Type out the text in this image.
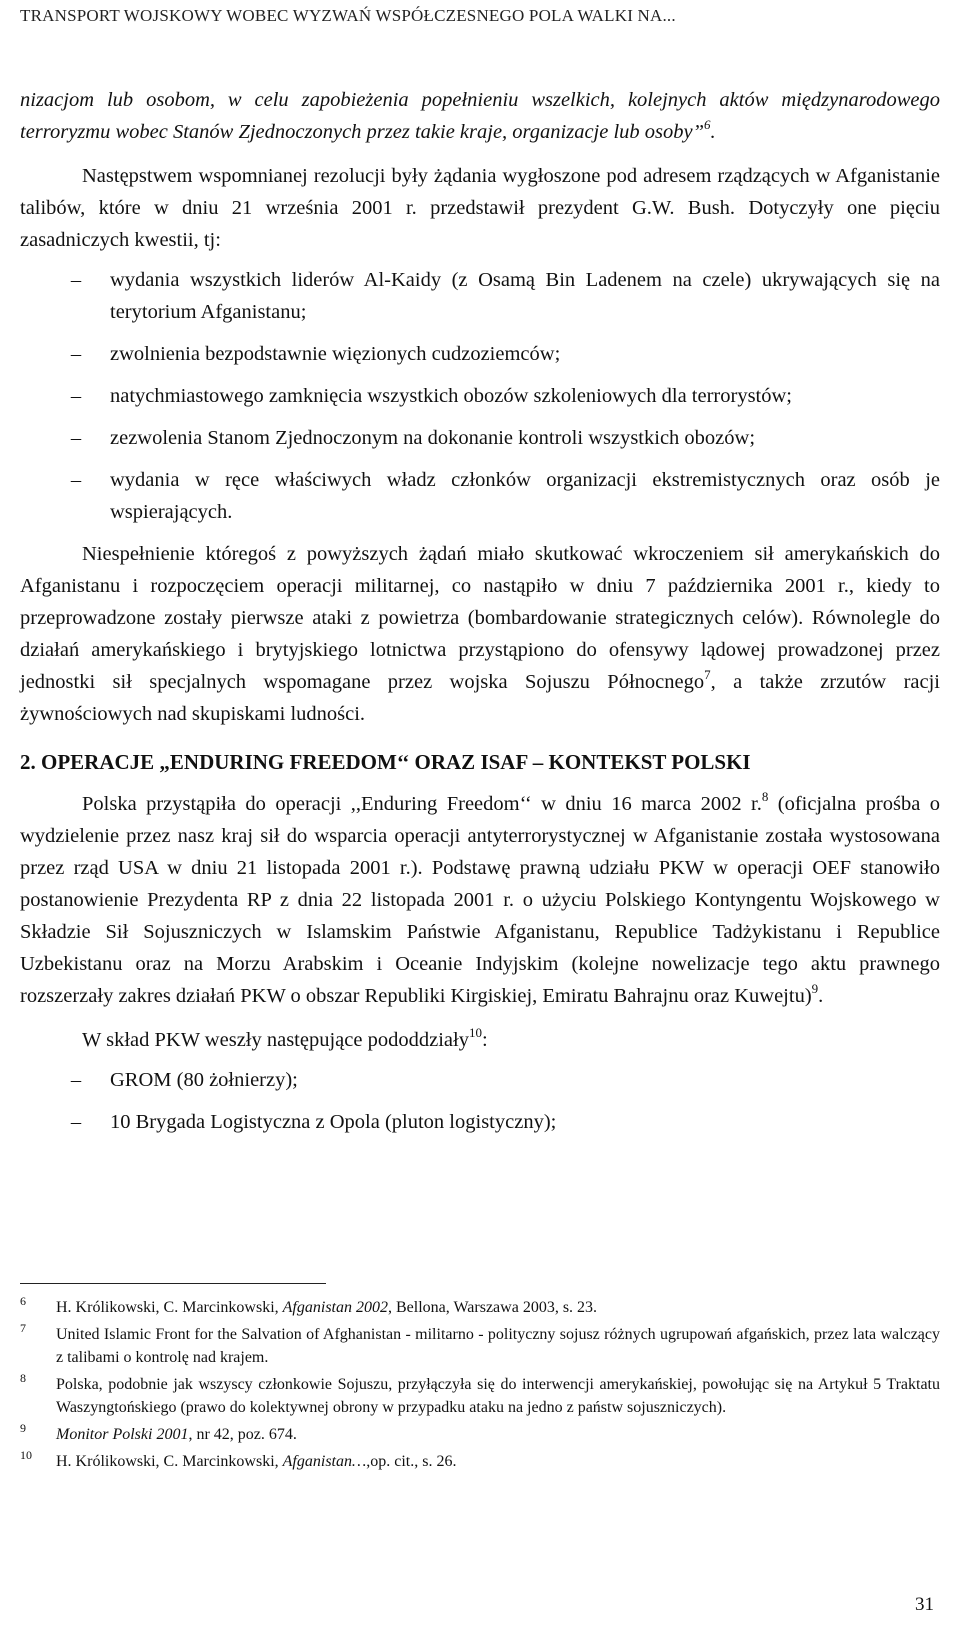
TRANSPORT WOJSKOWY WOBEC WYZWAŃ WSPÓŁCZESNEGO POLA WALKI NA...

nizacjom lub osobom, w celu zapobieżenia popełnieniu wszelkich, kolejnych aktów międzynarodowego terroryzmu wobec Stanów Zjednoczonych przez takie kraje, organizacje lub osoby”$^6$.

Następstwem wspomnianej rezolucji były żądania wygłoszone pod adresem rządzących w Afganistanie talibów, które w dniu 21 września 2001 r. przedstawił prezydent G.W. Bush. Dotyczyły one pięciu zasadniczych kwestii, tj:

–	wydania wszystkich liderów Al-Kaidy (z Osamą Bin Ladenem na czele) ukrywających się na terytorium Afganistanu;
–	zwolnienia bezpodstawnie więzionych cudzoziemców;
–	natychmiastowego zamknięcia wszystkich obozów szkoleniowych dla terrorystów;
–	zezwolenia Stanom Zjednoczonym na dokonanie kontroli wszystkich obozów;
–	wydania w ręce właściwych władz członków organizacji ekstremistycznych oraz osób je wspierających.

Niespełnienie któregoś z powyższych żądań miało skutkować wkroczeniem sił amerykańskich do Afganistanu i rozpoczęciem operacji militarnej, co nastąpiło w dniu 7 października 2001 r., kiedy to przeprowadzone zostały pierwsze ataki z powietrza (bombardowanie strategicznych celów). Równolegle do działań amerykańskiego i brytyjskiego lotnictwa przystąpiono do ofensywy lądowej prowadzonej przez jednostki sił specjalnych wspomagane przez wojska Sojuszu Północnego$^7$, a także zrzutów racji żywnościowych nad skupiskami ludności.

2. OPERACJE „ENDURING FREEDOM‘‘ ORAZ ISAF – KONTEKST POLSKI

Polska przystąpiła do operacji ,,Enduring Freedom‘‘ w dniu 16 marca 2002 r.$^8$ (oficjalna prośba o wydzielenie przez nasz kraj sił do wsparcia operacji antyterrorystycznej w Afganistanie została wystosowana przez rząd USA w dniu 21 listopada 2001 r.). Podstawę prawną udziału PKW w operacji OEF stanowiło postanowienie Prezydenta RP z dnia 22 listopada 2001 r. o użyciu Polskiego Kontyngentu Wojskowego w Składzie Sił Sojuszniczych w Islamskim Państwie Afganistanu, Republice Tadżykistanu i Republice Uzbekistanu oraz na Morzu Arabskim i Oceanie Indyjskim (kolejne nowelizacje tego aktu prawnego rozszerzały zakres działań PKW o obszar Republiki Kirgiskiej, Emiratu Bahrajnu oraz Kuwejtu)$^9$.

W skład PKW weszły następujące pododdziały$^{10}$:

–	GROM (80 żołnierzy);
–	10 Brygada Logistyczna z Opola (pluton logistyczny);
6 H. Królikowski, C. Marcinkowski, Afganistan 2002, Bellona, Warszawa 2003, s. 23.
7 United Islamic Front for the Salvation of Afghanistan - militarno - polityczny sojusz różnych ugrupowań afgańskich, przez lata walczący z talibami o kontrolę nad krajem.
8 Polska, podobnie jak wszyscy członkowie Sojuszu, przyłączyła się do interwencji amerykańskiej, powołując się na Artykuł 5 Traktatu Waszyngtońskiego (prawo do kolektywnej obrony w przypadku ataku na jedno z państw sojuszniczych).
9 Monitor Polski 2001, nr 42, poz. 674.
10 H. Królikowski, C. Marcinkowski, Afganistan…,op. cit., s. 26.
31
